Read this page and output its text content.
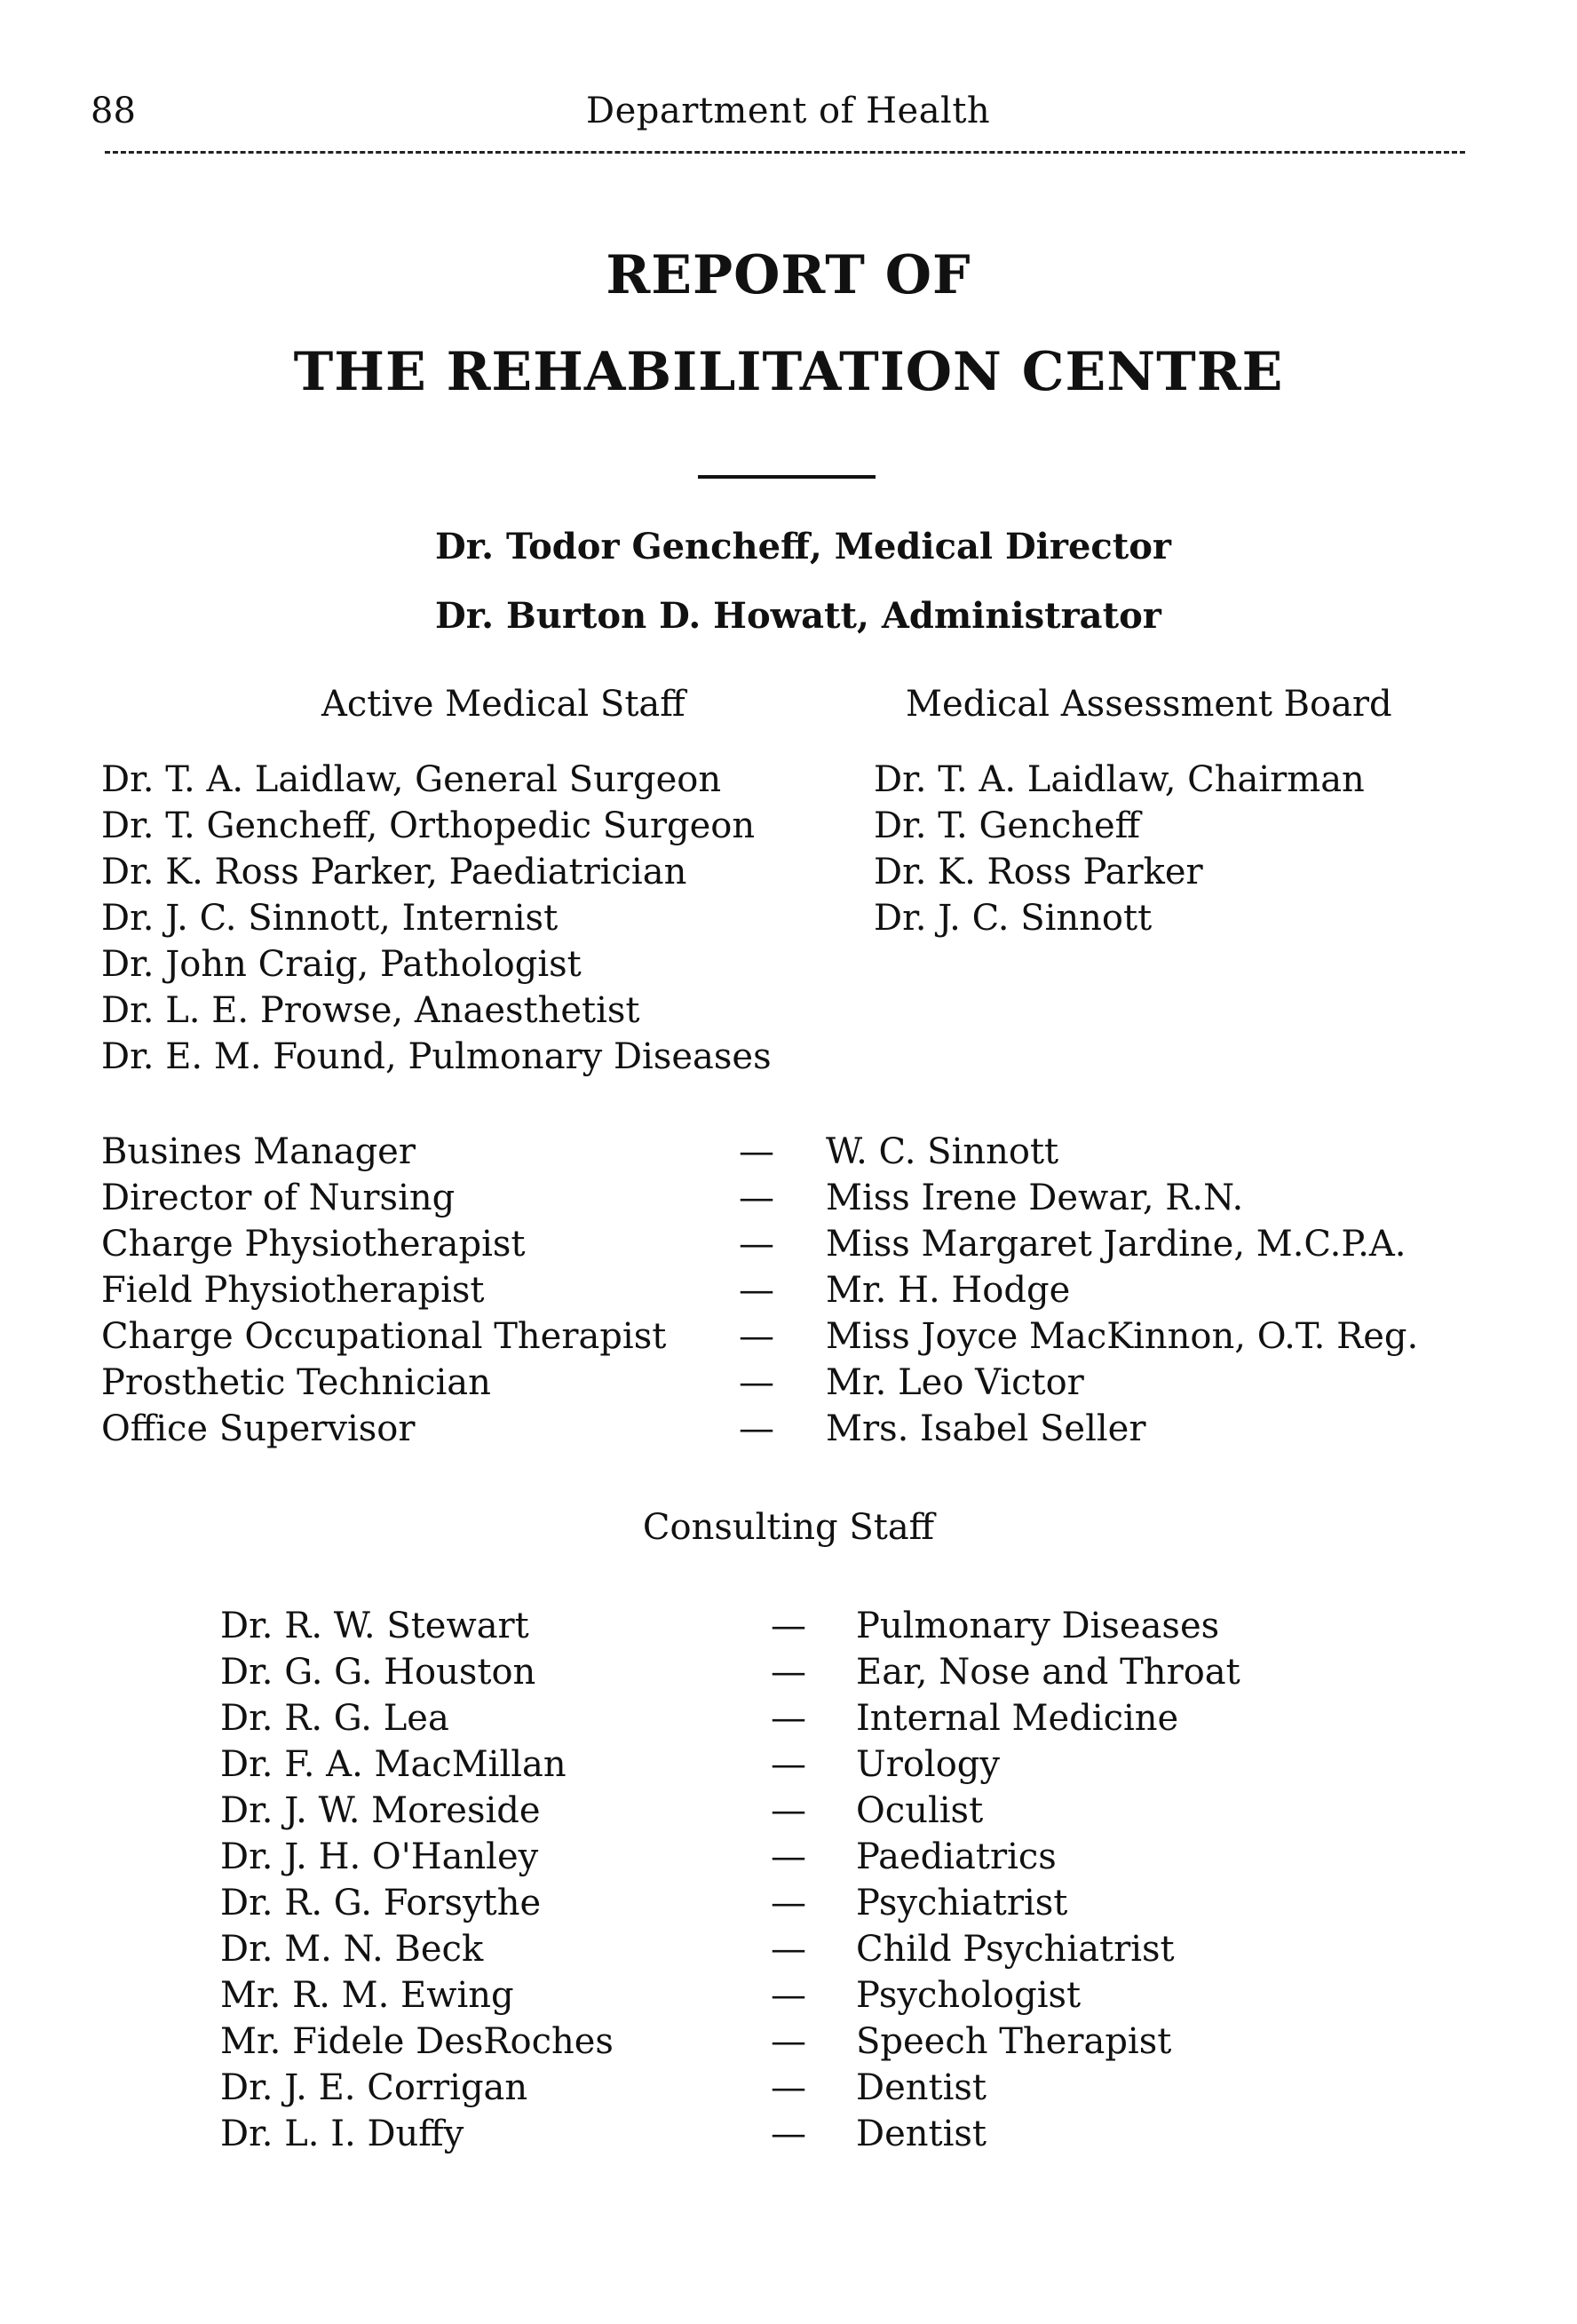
88	Department of Health
REPORT OF
THE REHABILITATION CENTRE
Dr. Todor Gencheff, Medical Director
Dr. Burton D. Howatt, Administrator
Active Medical Staff
Dr. T. A. Laidlaw, General Surgeon
Dr. T. Gencheff, Orthopedic Surgeon
Dr. K. Ross Parker, Paediatrician
Dr. J. C. Sinnott, Internist
Dr. John Craig, Pathologist
Dr. L. E. Prowse, Anaesthetist
Dr. E. M. Found, Pulmonary Diseases
Medical Assessment Board
Dr. T. A. Laidlaw, Chairman
Dr. T. Gencheff
Dr. K. Ross Parker
Dr. J. C. Sinnott
Busines Manager	—	W. C. Sinnott
Director of Nursing	—	Miss Irene Dewar, R.N.
Charge Physiotherapist	—	Miss Margaret Jardine, M.C.P.A.
Field Physiotherapist	—	Mr. H. Hodge
Charge Occupational Therapist	—	Miss Joyce MacKinnon, O.T. Reg.
Prosthetic Technician	—	Mr. Leo Victor
Office Supervisor	—	Mrs. Isabel Seller
Consulting Staff
Dr. R. W. Stewart	—	Pulmonary Diseases
Dr. G. G. Houston	—	Ear, Nose and Throat
Dr. R. G. Lea	—	Internal Medicine
Dr. F. A. MacMillan	—	Urology
Dr. J. W. Moreside	—	Oculist
Dr. J. H. O'Hanley	—	Paediatrics
Dr. R. G. Forsythe	—	Psychiatrist
Dr. M. N. Beck	—	Child Psychiatrist
Mr. R. M. Ewing	—	Psychologist
Mr. Fidele DesRoches	—	Speech Therapist
Dr. J. E. Corrigan	—	Dentist
Dr. L. I. Duffy	—	Dentist
